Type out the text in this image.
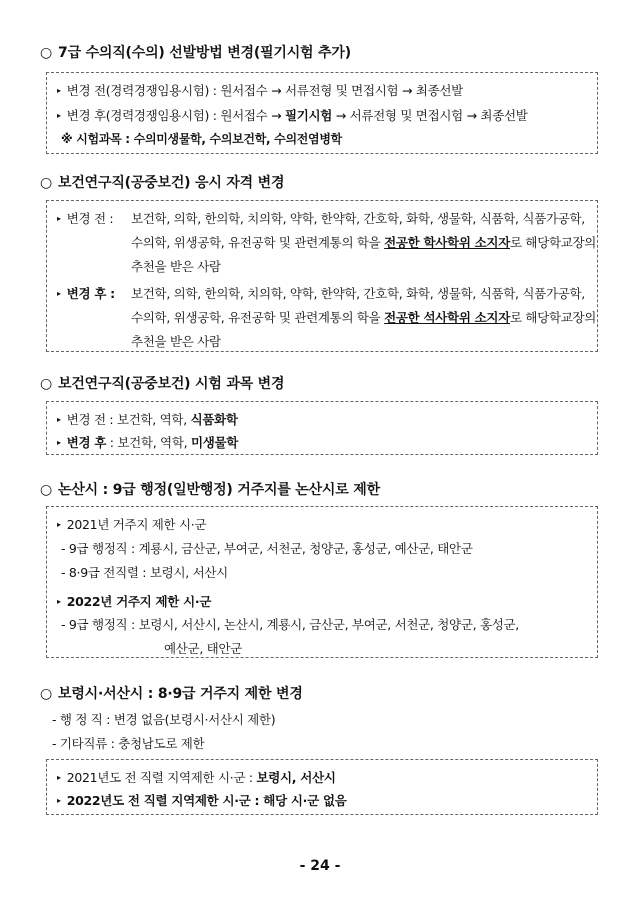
○ 7급 수의직(수의) 선발방법 변경(필기시험 추가)
▸ 변경 전(경력경쟁임용시험) : 원서접수 → 서류전형 및 면접시험 → 최종선발
▸ 변경 후(경력경쟁임용시험) : 원서접수 → 필기시험 → 서류전형 및 면접시험 → 최종선발
※ 시험과목 : 수의미생물학, 수의보건학, 수의전염병학
○ 보건연구직(공중보건) 응시 자격 변경
▸ 변경 전 : 보건학, 의학, 한의학, 치의학, 약학, 한약학, 간호학, 화학, 생물학, 식품학, 식품가공학,
수의학, 위생공학, 유전공학 및 관련계통의 학을 전공한 학사학위 소지자로 해당학교장의
추천을 받은 사람
▸ 변경 후 : 보건학, 의학, 한의학, 치의학, 약학, 한약학, 간호학, 화학, 생물학, 식품학, 식품가공학,
수의학, 위생공학, 유전공학 및 관련계통의 학을 전공한 석사학위 소지자로 해당학교장의
추천을 받은 사람
○ 보건연구직(공중보건) 시험 과목 변경
▸ 변경 전 : 보건학, 역학, 식품화학
▸ 변경 후 : 보건학, 역학, 미생물학
○ 논산시 : 9급 행정(일반행정) 거주지를 논산시로 제한
▸ 2021년 거주지 제한 시·군
- 9급 행정직 : 계룡시, 금산군, 부여군, 서천군, 청양군, 홍성군, 예산군, 태안군
- 8·9급 전직렬 : 보령시, 서산시
▸ 2022년 거주지 제한 시·군
- 9급 행정직 : 보령시, 서산시, 논산시, 계룡시, 금산군, 부여군, 서천군, 청양군, 홍성군,
예산군, 태안군
○ 보령시·서산시 : 8·9급 거주지 제한 변경
- 행 정 직 : 변경 없음(보령시·서산시 제한)
- 기타직류 : 충청남도로 제한
▸ 2021년도 전 직렬 지역제한 시·군 : 보령시, 서산시
▸ 2022년도 전 직렬 지역제한 시·군 : 해당 시·군 없음
- 24 -
